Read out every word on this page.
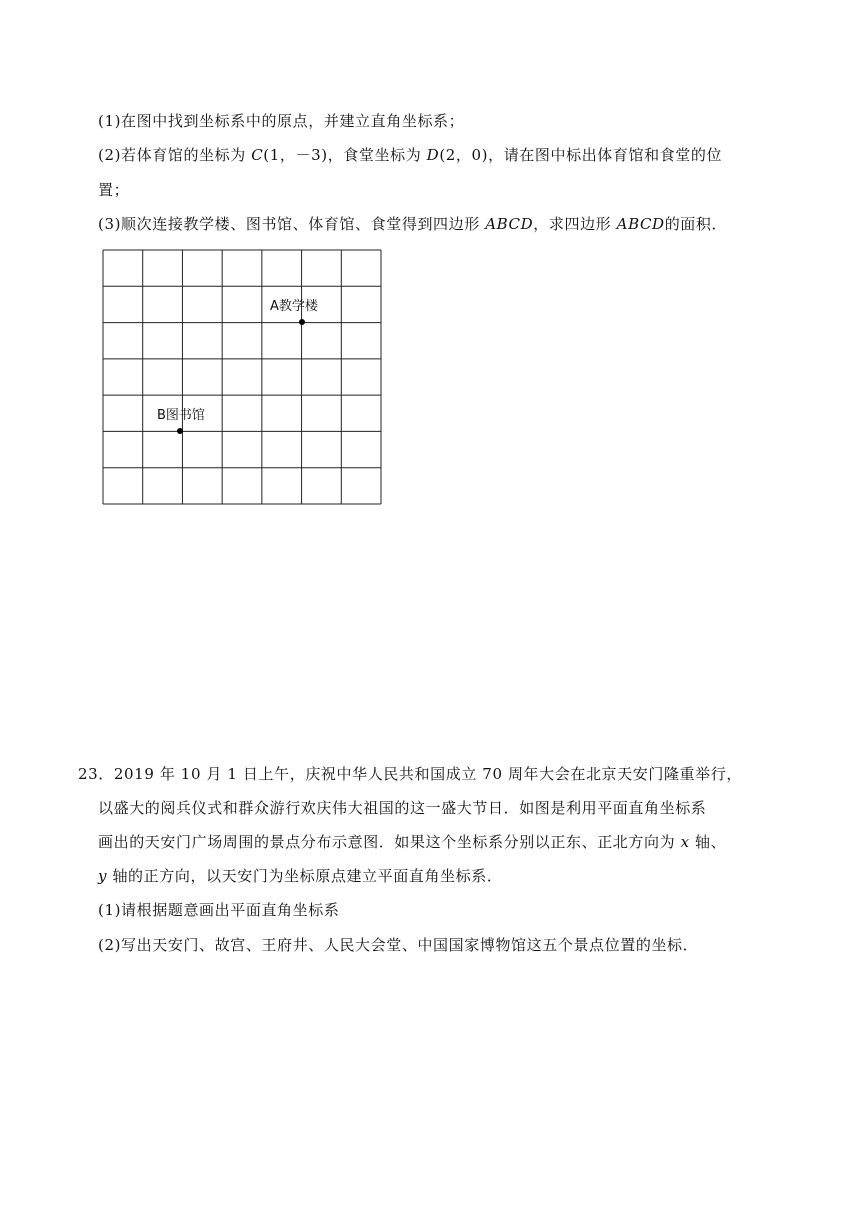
(1)在图中找到坐标系中的原点，并建立直角坐标系；
(2)若体育馆的坐标为 C(1，－3)，食堂坐标为 D(2，0)，请在图中标出体育馆和食堂的位
置；
(3)顺次连接教学楼、图书馆、体育馆、食堂得到四边形 ABCD，求四边形 ABCD的面积．
A教学楼
B图书馆
23．2019 年 10 月 1 日上午，庆祝中华人民共和国成立 70 周年大会在北京天安门隆重举行，
以盛大的阅兵仪式和群众游行欢庆伟大祖国的这一盛大节日．如图是利用平面直角坐标系
画出的天安门广场周围的景点分布示意图．如果这个坐标系分别以正东、正北方向为 x 轴、
y 轴的正方向，以天安门为坐标原点建立平面直角坐标系．
(1)请根据题意画出平面直角坐标系
(2)写出天安门、故宫、王府井、人民大会堂、中国国家博物馆这五个景点位置的坐标．
